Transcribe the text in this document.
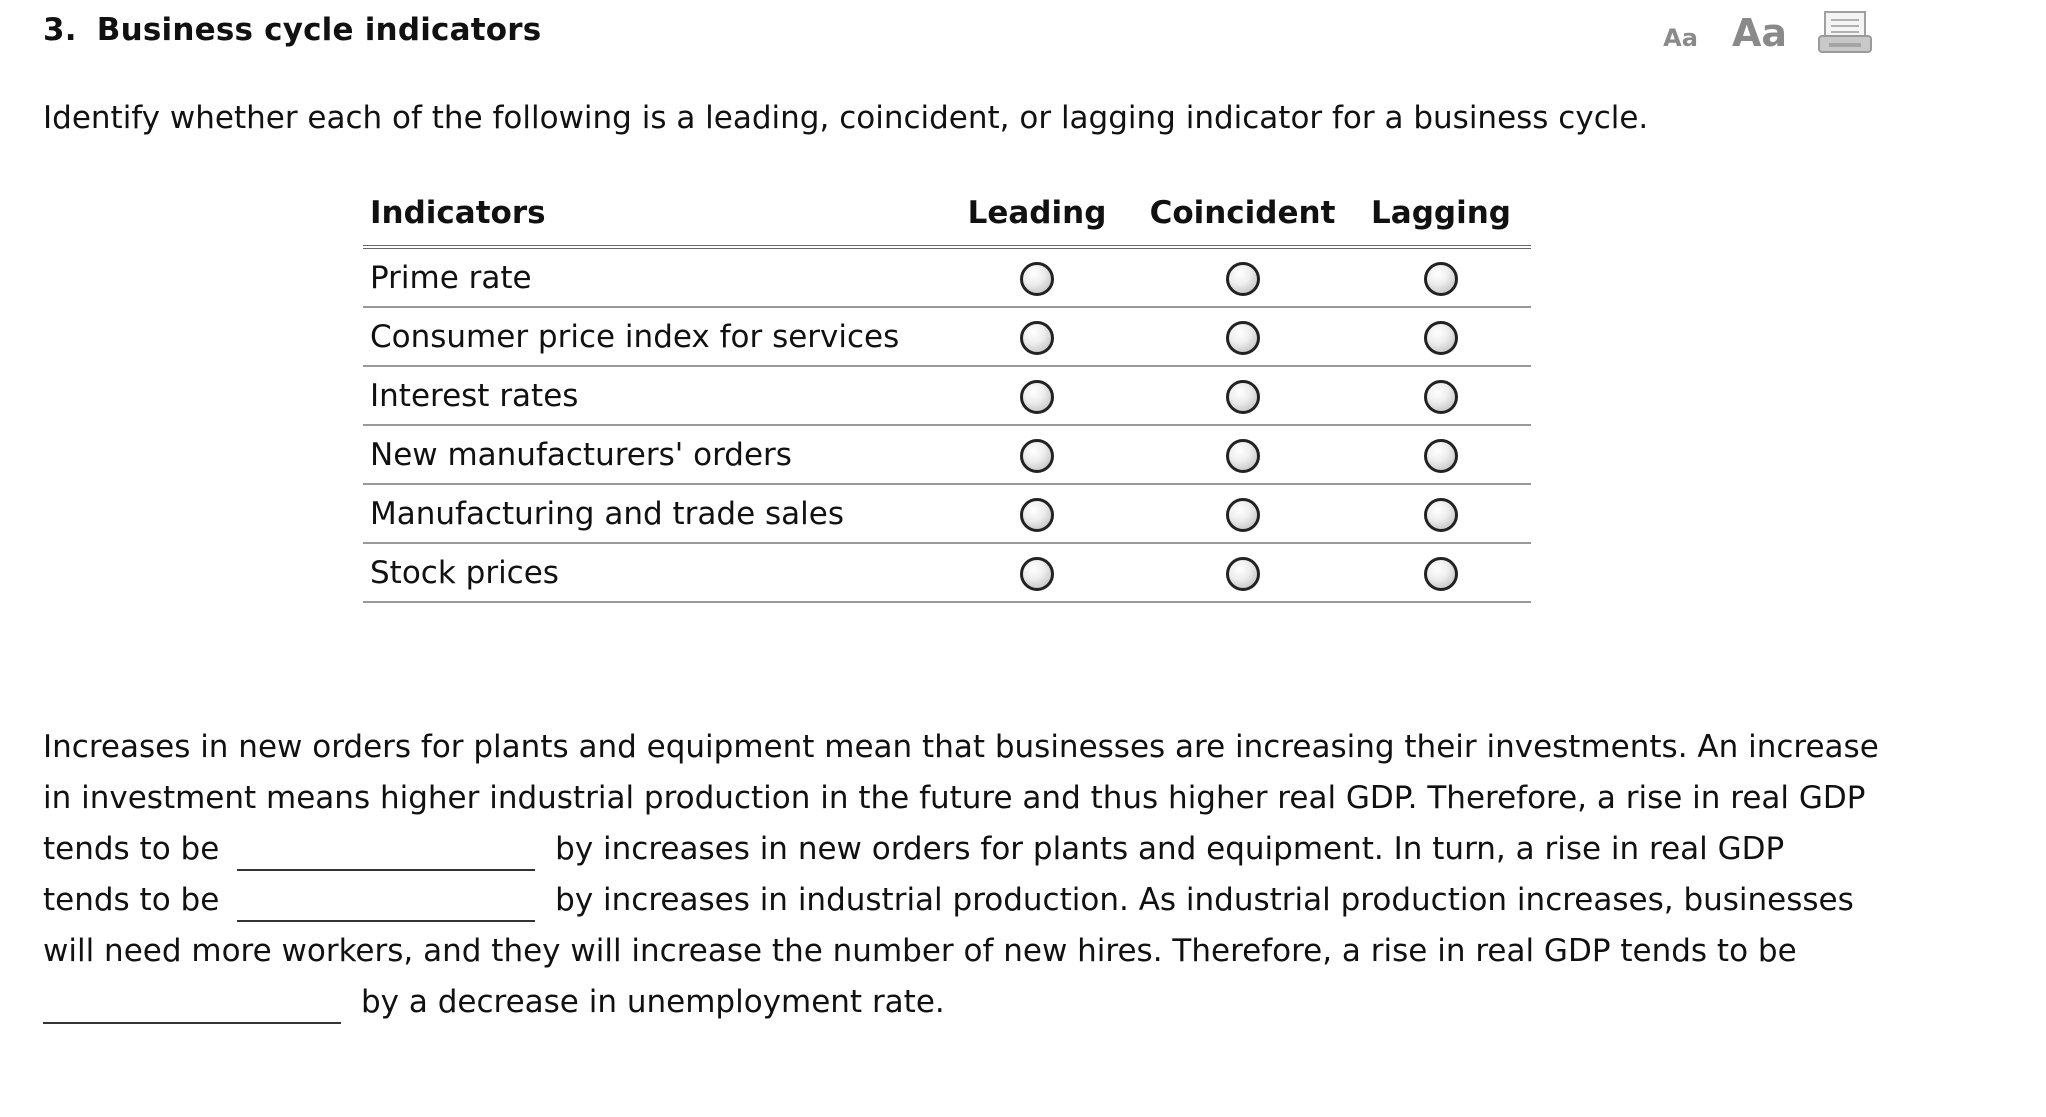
3. Business cycle indicators	Aa Aa
Identify whether each of the following is a leading, coincident, or lagging indicator for a business cycle.
Indicators	Leading	Coincident	Lagging
Prime rate			
Consumer price index for services			
Interest rates			
New manufacturers' orders			
Manufacturing and trade sales			
Stock prices			
Increases in new orders for plants and equipment mean that businesses are increasing their investments. An increase
in investment means higher industrial production in the future and thus higher real GDP. Therefore, a rise in real GDP
tends to be	by increases in new orders for plants and equipment. In turn, a rise in real GDP
tends to be	by increases in industrial production. As industrial production increases, businesses
will need more workers, and they will increase the number of new hires. Therefore, a rise in real GDP tends to be
by a decrease in unemployment rate.
